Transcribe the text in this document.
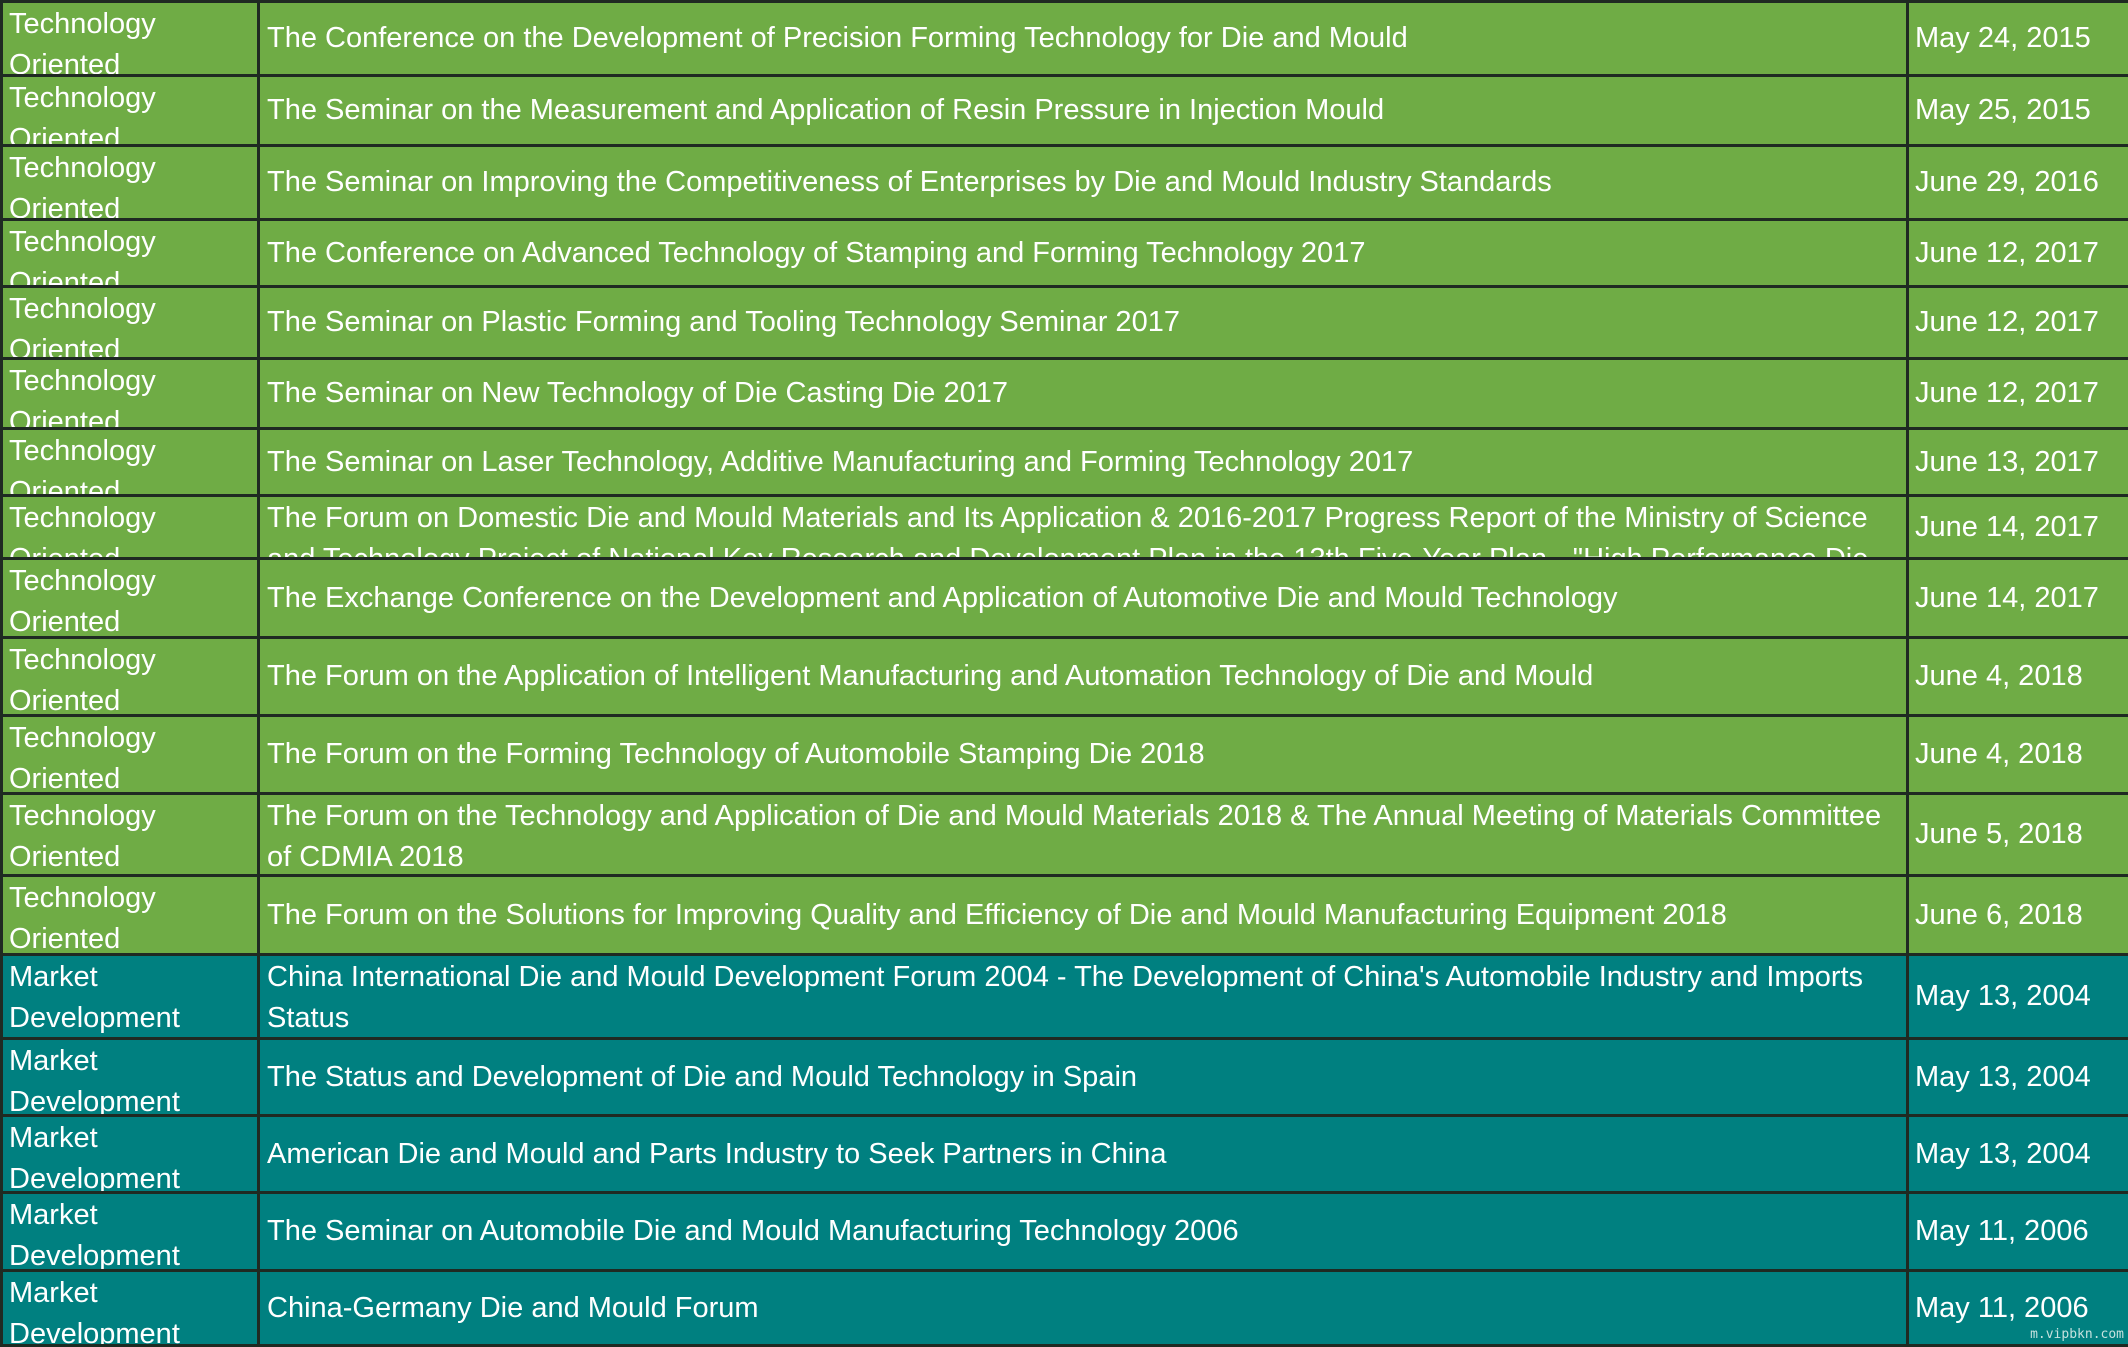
Technology Oriented	The Conference on the Development of Precision Forming Technology for Die and Mould	May 24, 2015

Technology Oriented	The Seminar on the Measurement and Application of Resin Pressure in Injection Mould	May 25, 2015

Technology Oriented	The Seminar on Improving the Competitiveness of Enterprises by Die and Mould Industry Standards	June 29, 2016

Technology Oriented	The Conference on Advanced Technology of Stamping and Forming Technology 2017	June 12, 2017

Technology Oriented	The Seminar on Plastic Forming and Tooling Technology Seminar 2017	June 12, 2017

Technology Oriented	The Seminar on New Technology of Die Casting Die 2017	June 12, 2017

Technology Oriented	The Seminar on Laser Technology, Additive Manufacturing and Forming Technology 2017	June 13, 2017

Technology	The Forum on Domestic Die and Mould Materials and Its Application & 2016-2017 Progress Report of the Ministry of Science	June 14, 2017

Technology Oriented	The Exchange Conference on the Development and Application of Automotive Die and Mould Technology	June 14, 2017

Technology Oriented	The Forum on the Application of Intelligent Manufacturing and Automation Technology of Die and Mould	June 4, 2018

Technology Oriented	The Forum on the Forming Technology of Automobile Stamping Die 2018	June 4, 2018

Technology Oriented	The Forum on the Technology and Application of Die and Mould Materials 2018 & The Annual Meeting of Materials Committee of CDMIA 2018	June 5, 2018

Technology Oriented	The Forum on the Solutions for Improving Quality and Efficiency of Die and Mould Manufacturing Equipment 2018	June 6, 2018

Market Development	China International Die and Mould Development Forum 2004 - The Development of China's Automobile Industry and Imports Status	May 13, 2004

Market Development	The Status and Development of Die and Mould Technology in Spain	May 13, 2004

Market Development	American Die and Mould and Parts Industry to Seek Partners in China	May 13, 2004

Market Development	The Seminar on Automobile Die and Mould Manufacturing Technology 2006	May 11, 2006

Market Development	China-Germany Die and Mould Forum	May 11, 2006
m.vipbkn.com
